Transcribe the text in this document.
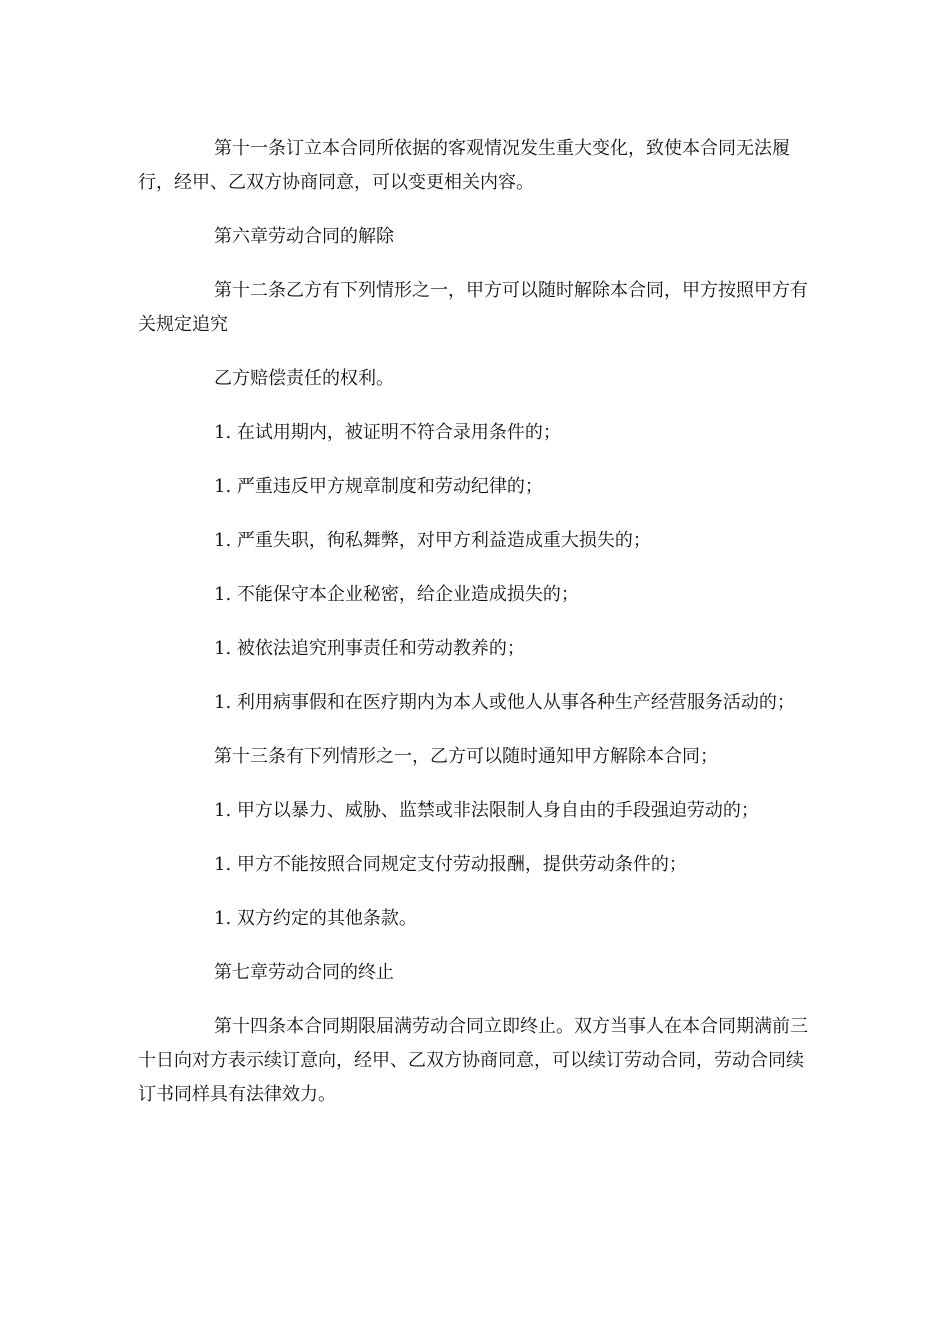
第十一条订立本合同所依据的客观情况发生重大变化，致使本合同无法履行，经甲、乙双方协商同意，可以变更相关内容。

第六章劳动合同的解除

第十二条乙方有下列情形之一，甲方可以随时解除本合同，甲方按照甲方有关规定追究

乙方赔偿责任的权利。

1. 在试用期内，被证明不符合录用条件的；

1. 严重违反甲方规章制度和劳动纪律的；

1. 严重失职，徇私舞弊，对甲方利益造成重大损失的；

1. 不能保守本企业秘密，给企业造成损失的；

1. 被依法追究刑事责任和劳动教养的；

1. 利用病事假和在医疗期内为本人或他人从事各种生产经营服务活动的；

第十三条有下列情形之一，乙方可以随时通知甲方解除本合同；

1. 甲方以暴力、威胁、监禁或非法限制人身自由的手段强迫劳动的；

1. 甲方不能按照合同规定支付劳动报酬，提供劳动条件的；

1. 双方约定的其他条款。

第七章劳动合同的终止

第十四条本合同期限届满劳动合同立即终止。双方当事人在本合同期满前三十日向对方表示续订意向，经甲、乙双方协商同意，可以续订劳动合同，劳动合同续订书同样具有法律效力。
